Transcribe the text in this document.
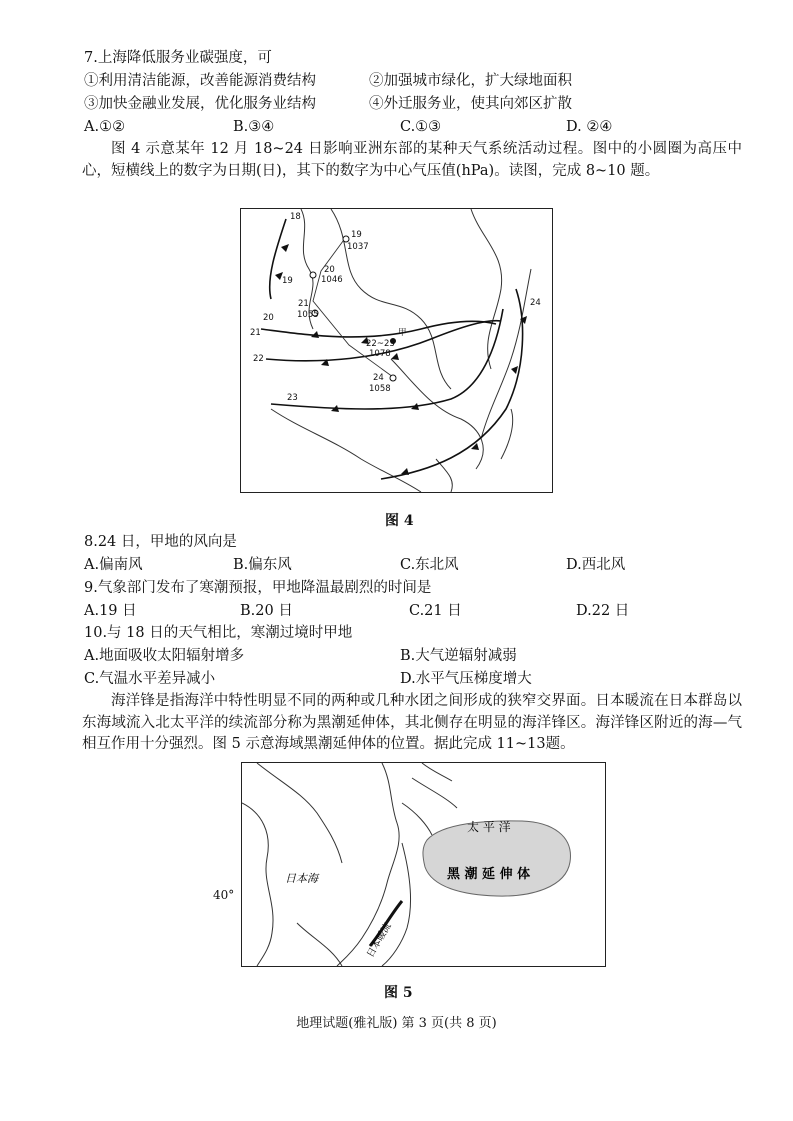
7.上海降低服务业碳强度，可
①利用清洁能源，改善能源消费结构	②加强城市绿化，扩大绿地面积
③加快金融业发展，优化服务业结构	④外迁服务业，使其向郊区扩散
A.①②	B.③④	C.①③	D. ②④
图 4 示意某年 12 月 18~24 日影响亚洲东部的某种天气系统活动过程。图中的小圆圈为高压中心，短横线上的数字为日期(日)，其下的数字为中心气压值(hPa)。读图，完成 8~10 题。
18
19
1037
20
1046
19
21
1055
20
21
22~23
1078
甲
22
24
1058
23
24
图 4
8.24 日，甲地的风向是
A.偏南风	B.偏东风	C.东北风	D.西北风
9.气象部门发布了寒潮预报，甲地降温最剧烈的时间是
A.19 日	B.20 日	C.21 日	D.22 日
10.与 18 日的天气相比，寒潮过境时甲地
A.地面吸收太阳辐射增多	B.大气逆辐射减弱
C.气温水平差异减小	D.水平气压梯度增大
海洋锋是指海洋中特性明显不同的两种或几种水团之间形成的狭窄交界面。日本暖流在日本群岛以东海域流入北太平洋的续流部分称为黑潮延伸体，其北侧存在明显的海洋锋区。海洋锋区附近的海—气相互作用十分强烈。图 5 示意海域黑潮延伸体的位置。据此完成 11~13题。
太 平 洋
黑 潮 延 伸 体
日本海
日本暖流
40°
图 5
地理试题(雅礼版) 第 3 页(共 8 页)
